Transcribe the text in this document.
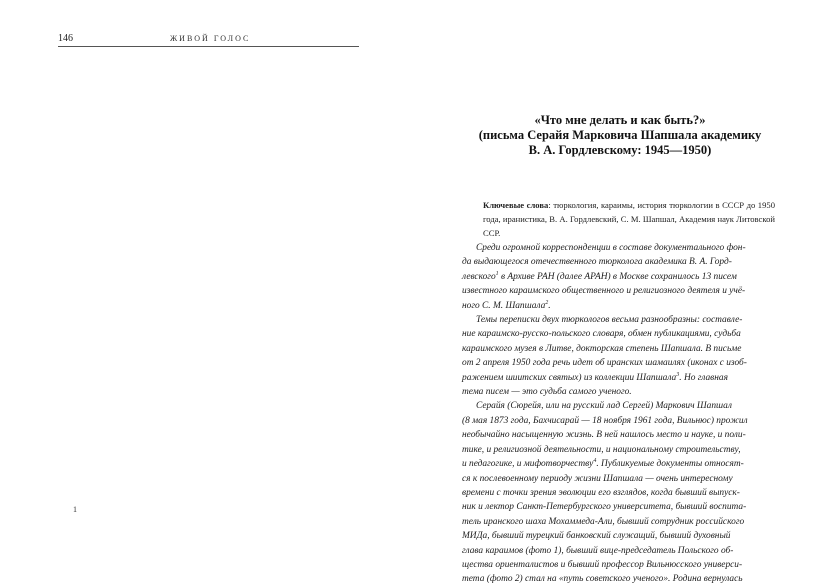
146	ЖИВОЙ ГОЛОС
1
«Что мне делать и как быть?»
(письма Серайя Марковича Шапшала академику
В. А. Гордлевскому: 1945—1950)
Ключевые слова: тюркология, караимы, история тюркологии в СССР до 1950 года, иранистика, В. А. Гордлевский, С. М. Шапшал, Академия наук Литовской ССР.
Среди огромной корреспонденции в составе документального фон-
да выдающегося отечественного тюрколога академика В. А. Горд-
левского$^1$ в Архиве РАН (далее АРАН) в Москве сохранилось 13 писем
известного караимского общественного и религиозного деятеля и учё-
ного С. М. Шапшала$^2$.
Темы переписки двух тюркологов весьма разнообразны: составле-
ние караимско-русско-польского словаря, обмен публикациями, судьба
караимского музея в Литве, докторская степень Шапшала. В письме
от 2 апреля 1950 года речь идет об иранских шамаилях (иконах с изоб-
ражением шиитских святых) из коллекции Шапшала$^3$. Но главная
тема писем — это судьба самого ученого.
Серайя (Сюрейя, или на русский лад Сергей) Маркович Шапшал
(8 мая 1873 года, Бахчисарай — 18 ноября 1961 года, Вильнюс) прожил
необычайно насыщенную жизнь. В ней нашлось место и науке, и поли-
тике, и религиозной деятельности, и национальному строительству,
и педагогике, и мифотворчеству$^4$. Публикуемые документы относят-
ся к послевоенному периоду жизни Шапшала — очень интересному
времени с точки зрения эволюции его взглядов, когда бывший выпуск-
ник и лектор Санкт-Петербургского университета, бывший воспита-
тель иранского шаха Мохаммеда-Али, бывший сотрудник российского
МИДа, бывший турецкий банковский служащий, бывший духовный
глава караимов (фото 1), бывший вице-председатель Польского об-
щества ориенталистов и бывший профессор Вильнюсского универси-
тета (фото 2) стал на «путь советского ученого». Родина вернулась
